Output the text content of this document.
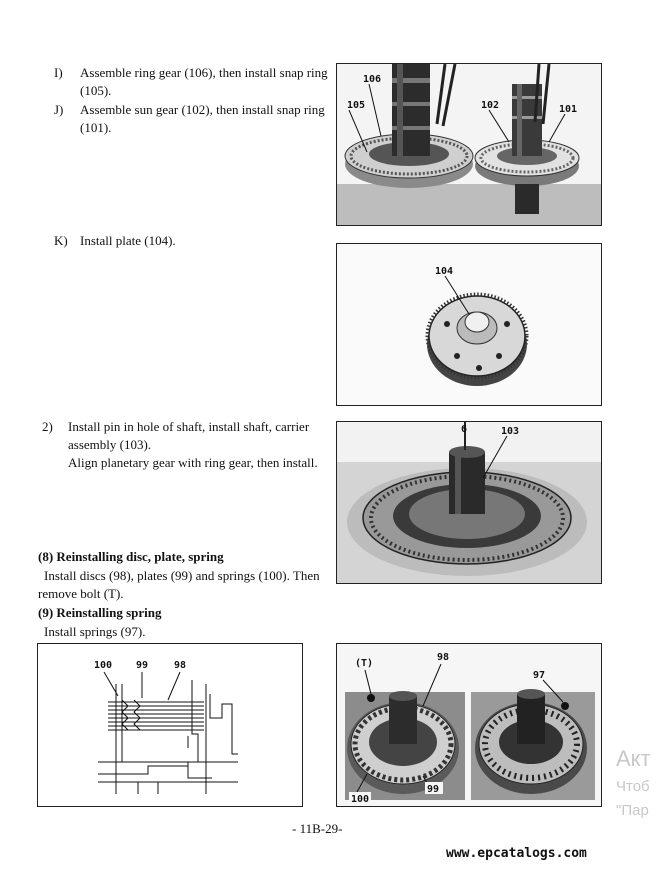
I) Assemble ring gear (106), then install snap ring
(105).
J) Assemble sun gear (102), then install snap ring
(101).
K) Install plate (104).
2) Install pin in hole of shaft, install shaft, carrier
assembly (103).
Align planetary gear with ring gear, then install.
(8) Reinstalling disc, plate, spring
Install discs (98), plates (99) and springs (100). Then
remove bolt (T).
(9) Reinstalling spring
Install springs (97).
106
105	102	101
104
6	103
100 99	98	(T)
98
97
100
99
- 11B-29-
www.epcatalogs.com
Акт
Чтоб
"Пар
